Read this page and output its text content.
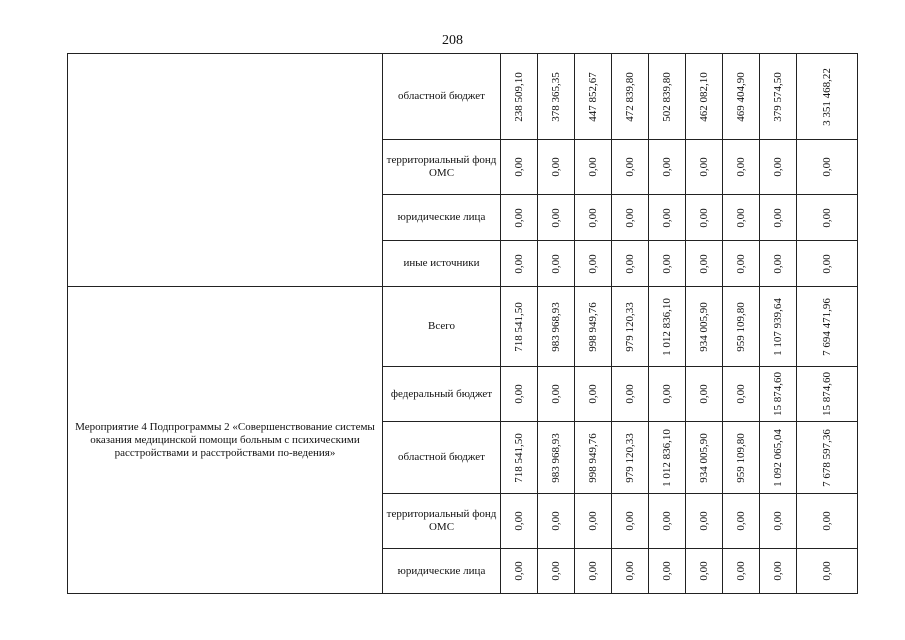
208
	областной бюджет	238 509,10	378 365,35	447 852,67	472 839,80	502 839,80	462 082,10	469 404,90	379 574,50	3 351 468,22

	территориальный фонд ОМС	0,00	0,00	0,00	0,00	0,00	0,00	0,00	0,00	0,00

	юридические лица	0,00	0,00	0,00	0,00	0,00	0,00	0,00	0,00	0,00

	иные источники	0,00	0,00	0,00	0,00	0,00	0,00	0,00	0,00	0,00

Мероприятие 4 Подпрограммы 2 «Совершенствование системы оказания медицинской помощи больным с психическими расстройствами и расстройствами по-ведения»	Всего	718 541,50	983 968,93	998 949,76	979 120,33	1 012 836,10	934 005,90	959 109,80	1 107 939,64	7 694 471,96

	федеральный бюджет	0,00	0,00	0,00	0,00	0,00	0,00	0,00	15 874,60	15 874,60

	областной бюджет	718 541,50	983 968,93	998 949,76	979 120,33	1 012 836,10	934 005,90	959 109,80	1 092 065,04	7 678 597,36

	территориальный фонд ОМС	0,00	0,00	0,00	0,00	0,00	0,00	0,00	0,00	0,00

	юридические лица	0,00	0,00	0,00	0,00	0,00	0,00	0,00	0,00	0,00
